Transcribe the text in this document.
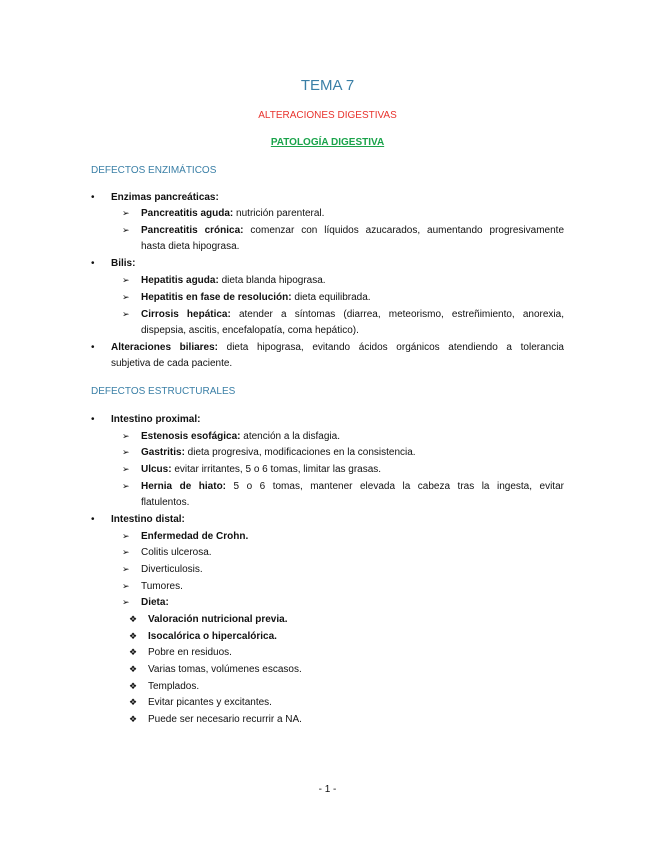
TEMA 7
ALTERACIONES DIGESTIVAS
PATOLOGÍA DIGESTIVA
DEFECTOS ENZIMÁTICOS
• Enzimas pancreáticas:
➢ Pancreatitis aguda: nutrición parenteral.
➢ Pancreatitis crónica: comenzar con líquidos azucarados, aumentando progresivamente
hasta dieta hipograsa.
• Bilis:
➢ Hepatitis aguda: dieta blanda hipograsa.
➢ Hepatitis en fase de resolución: dieta equilibrada.
➢ Cirrosis hepática: atender a síntomas (diarrea, meteorismo, estreñimiento, anorexia,
dispepsia, ascitis, encefalopatía, coma hepático).
• Alteraciones biliares: dieta hipograsa, evitando ácidos orgánicos atendiendo a tolerancia
subjetiva de cada paciente.
DEFECTOS ESTRUCTURALES
• Intestino proximal:
➢ Estenosis esofágica: atención a la disfagia.
➢ Gastritis: dieta progresiva, modificaciones en la consistencia.
➢ Ulcus: evitar irritantes, 5 o 6 tomas, limitar las grasas.
➢ Hernia de hiato: 5 o 6 tomas, mantener elevada la cabeza tras la ingesta, evitar
flatulentos.
• Intestino distal:
➢ Enfermedad de Crohn.
➢ Colitis ulcerosa.
➢ Diverticulosis.
➢ Tumores.
➢ Dieta:
❖ Valoración nutricional previa.
❖ Isocalórica o hipercalórica.
❖ Pobre en residuos.
❖ Varias tomas, volúmenes escasos.
❖ Templados.
❖ Evitar picantes y excitantes.
❖ Puede ser necesario recurrir a NA.
- 1 -
